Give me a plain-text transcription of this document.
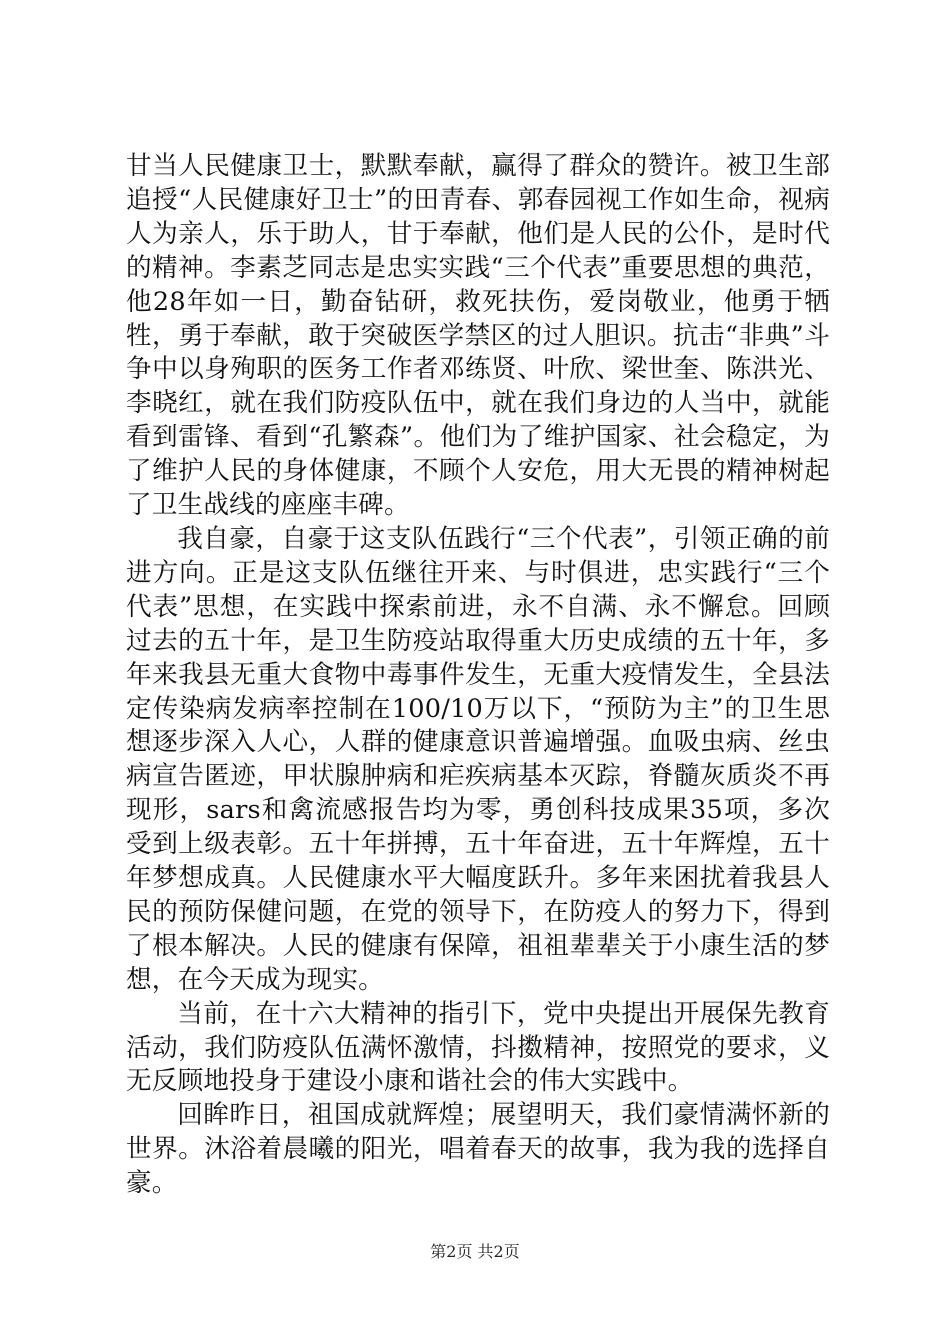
甘当人民健康卫士，默默奉献，赢得了群众的赞许。被卫生部追授“人民健康好卫士”的田青春、郭春园视工作如生命，视病人为亲人，乐于助人，甘于奉献，他们是人民的公仆，是时代的精神。李素芝同志是忠实实践“三个代表”重要思想的典范，他28年如一日，勤奋钻研，救死扶伤，爱岗敬业，他勇于牺牲，勇于奉献，敢于突破医学禁区的过人胆识。抗击“非典”斗争中以身殉职的医务工作者邓练贤、叶欣、梁世奎、陈洪光、李晓红，就在我们防疫队伍中，就在我们身边的人当中，就能看到雷锋、看到“孔繁森”。他们为了维护国家、社会稳定，为了维护人民的身体健康，不顾个人安危，用大无畏的精神树起了卫生战线的座座丰碑。

我自豪，自豪于这支队伍践行“三个代表”，引领正确的前进方向。正是这支队伍继往开来、与时俱进，忠实践行“三个代表”思想，在实践中探索前进，永不自满、永不懈怠。回顾过去的五十年，是卫生防疫站取得重大历史成绩的五十年，多年来我县无重大食物中毒事件发生，无重大疫情发生，全县法定传染病发病率控制在100/10万以下，“预防为主”的卫生思想逐步深入人心，人群的健康意识普遍增强。血吸虫病、丝虫病宣告匿迹，甲状腺肿病和疟疾病基本灭踪，脊髓灰质炎不再现形，sars和禽流感报告均为零，勇创科技成果35项，多次受到上级表彰。五十年拼搏，五十年奋进，五十年辉煌，五十年梦想成真。人民健康水平大幅度跃升。多年来困扰着我县人民的预防保健问题，在党的领导下，在防疫人的努力下，得到了根本解决。人民的健康有保障，祖祖辈辈关于小康生活的梦想，在今天成为现实。

当前，在十六大精神的指引下，党中央提出开展保先教育活动，我们防疫队伍满怀激情，抖擞精神，按照党的要求，义无反顾地投身于建设小康和谐社会的伟大实践中。

回眸昨日，祖国成就辉煌；展望明天，我们豪情满怀新的世界。沐浴着晨曦的阳光，唱着春天的故事，我为我的选择自豪。

第2页 共2页
